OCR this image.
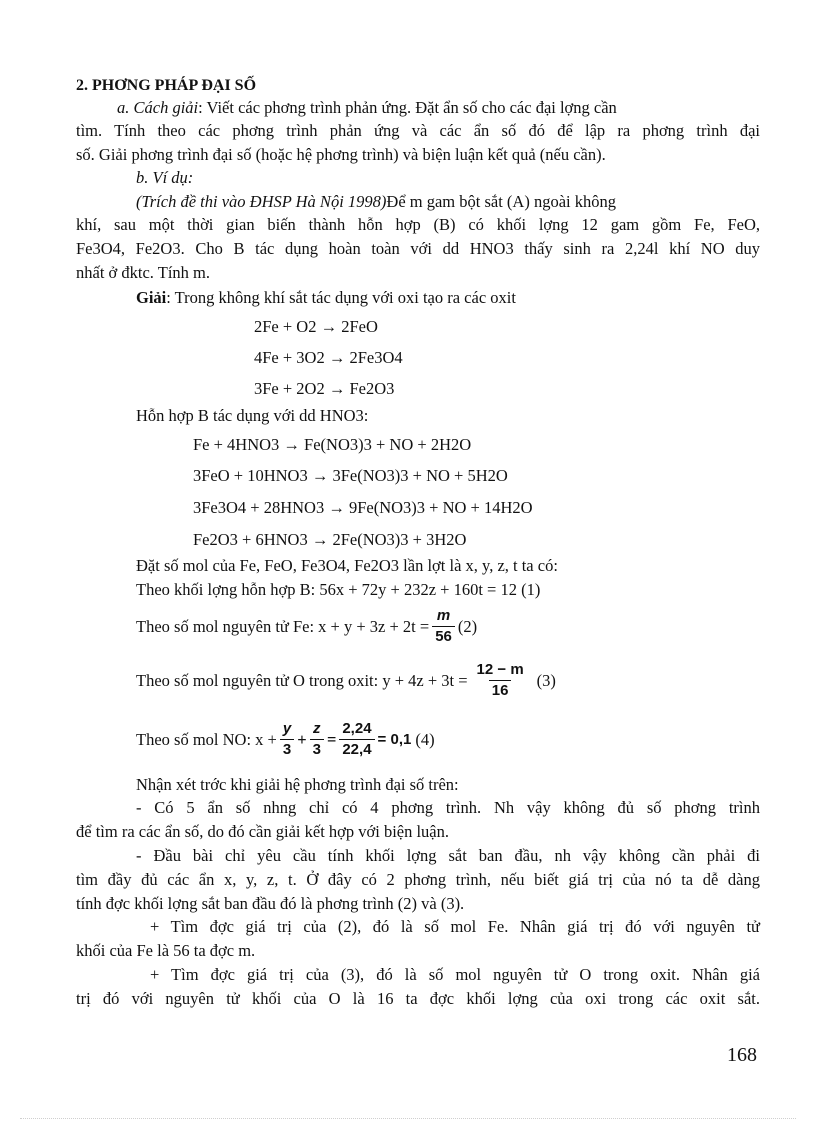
2. PHƠNG PHÁP ĐẠI SỐ
a. Cách giải: Viết các phơng trình phản ứng. Đặt ẩn số cho các đại lợng cần
tìm. Tính theo các phơng trình phản ứng và các ẩn số đó để lập ra phơng trình đại
số. Giải phơng trình đại số (hoặc hệ phơng trình) và biện luận kết quả (nếu cần).
b. Ví dụ:
(Trích đề thi vào ĐHSP Hà Nội 1998)Để m gam bột sắt (A) ngoài không
khí, sau một thời gian biến thành hỗn hợp (B) có khối lợng 12 gam gồm Fe, FeO,
Fe3O4, Fe2O3. Cho B tác dụng hoàn toàn với dd HNO3 thấy sinh ra 2,24l khí NO duy
nhất ở đktc. Tính m.
Giải: Trong không khí sắt tác dụng với oxi tạo ra các oxit
2Fe + O2 → 2FeO
4Fe + 3O2 → 2Fe3O4
3Fe + 2O2 → Fe2O3
Hỗn hợp B tác dụng với dd HNO3:
Fe + 4HNO3 → Fe(NO3)3 + NO + 2H2O
3FeO + 10HNO3 → 3Fe(NO3)3 + NO + 5H2O
3Fe3O4 + 28HNO3 → 9Fe(NO3)3 + NO + 14H2O
Fe2O3 + 6HNO3 → 2Fe(NO3)3 + 3H2O
Đặt số mol của Fe, FeO, Fe3O4, Fe2O3 lần lợt là x, y, z, t ta có:
Theo khối lợng hỗn hợp B: 56x + 72y + 232z + 160t = 12 (1)
Theo số mol nguyên tử Fe: $x + y + 3z + 2t = \frac{m}{56} (2)$
Theo số mol nguyên tử O trong oxit: $y + 4z + 3t = \frac{12 - m}{16} (3)$
Theo số mol NO: $x + \frac{y}{3} + \frac{z}{3} = \frac{2,24}{22,4} = 0,1$ (4)
Nhận xét trớc khi giải hệ phơng trình đại số trên:
- Có 5 ẩn số nhng chỉ có 4 phơng trình. Nh vậy không đủ số phơng trình
để tìm ra các ẩn số, do đó cần giải kết hợp với biện luận.
- Đầu bài chỉ yêu cầu tính khối lợng sắt ban đầu, nh vậy không cần phải đi
tìm đầy đủ các ẩn x, y, z, t. Ở đây có 2 phơng trình, nếu biết giá trị của nó ta dễ dàng
tính đợc khối lợng sắt ban đầu đó là phơng trình (2) và (3).
+ Tìm đợc giá trị của (2), đó là số mol Fe. Nhân giá trị đó với nguyên tử
khối của Fe là 56 ta đợc m.
+ Tìm đợc giá trị của (3), đó là số mol nguyên tử O trong oxit. Nhân giá
trị đó với nguyên tử khối của O là 16 ta đợc khối lợng của oxi trong các oxit sắt.
168
